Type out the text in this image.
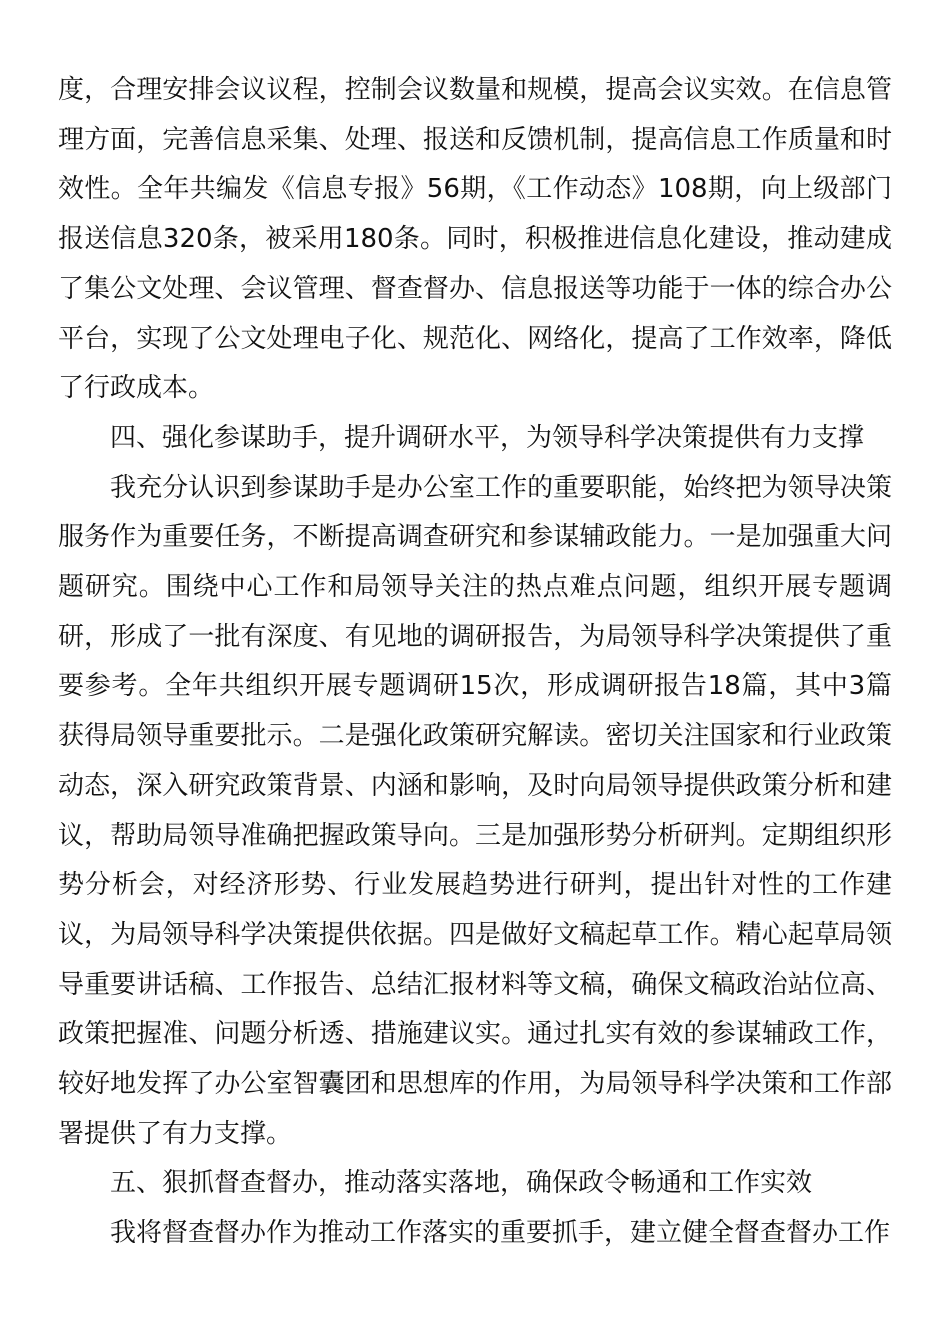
度，合理安排会议议程，控制会议数量和规模，提高会议实效。在信息管理方面，完善信息采集、处理、报送和反馈机制，提高信息工作质量和时效性。全年共编发《信息专报》56期，《工作动态》108期，向上级部门报送信息320条，被采用180条。同时，积极推进信息化建设，推动建成了集公文处理、会议管理、督查督办、信息报送等功能于一体的综合办公平台，实现了公文处理电子化、规范化、网络化，提高了工作效率，降低了行政成本。

四、强化参谋助手，提升调研水平，为领导科学决策提供有力支撑

我充分认识到参谋助手是办公室工作的重要职能，始终把为领导决策服务作为重要任务，不断提高调查研究和参谋辅政能力。一是加强重大问题研究。围绕中心工作和局领导关注的热点难点问题，组织开展专题调研，形成了一批有深度、有见地的调研报告，为局领导科学决策提供了重要参考。全年共组织开展专题调研15次，形成调研报告18篇，其中3篇获得局领导重要批示。二是强化政策研究解读。密切关注国家和行业政策动态，深入研究政策背景、内涵和影响，及时向局领导提供政策分析和建议，帮助局领导准确把握政策导向。三是加强形势分析研判。定期组织形势分析会，对经济形势、行业发展趋势进行研判，提出针对性的工作建议，为局领导科学决策提供依据。四是做好文稿起草工作。精心起草局领导重要讲话稿、工作报告、总结汇报材料等文稿，确保文稿政治站位高、政策把握准、问题分析透、措施建议实。通过扎实有效的参谋辅政工作，较好地发挥了办公室智囊团和思想库的作用，为局领导科学决策和工作部署提供了有力支撑。

五、狠抓督查督办，推动落实落地，确保政令畅通和工作实效

我将督查督办作为推动工作落实的重要抓手，建立健全督查督办工作
